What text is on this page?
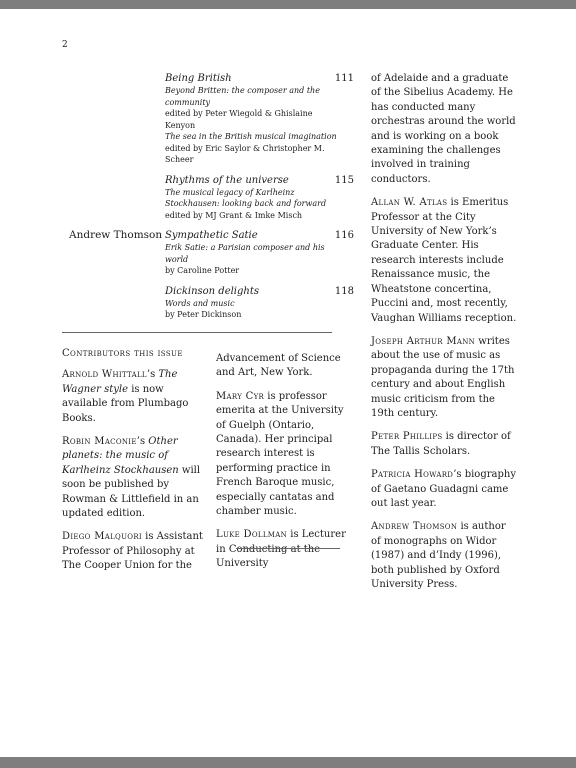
2
Being British	111
Beyond Britten: the composer and the community
edited by Peter Wiegold & Ghislaine Kenyon
The sea in the British musical imagination
edited by Eric Saylor & Christopher M. Scheer
Rhythms of the universe	115
The musical legacy of Karlheinz Stockhausen: looking back and forward
edited by MJ Grant & Imke Misch
Andrew Thomson Sympathetic Satie	116
Erik Satie: a Parisian composer and his world
by Caroline Potter
Dickinson delights	118
Words and music
by Peter Dickinson
Contributors this issue

Arnold Whittall’s The Wagner style is now available from Plumbago Books.

Robin Maconie’s Other planets: the music of Karlheinz Stockhausen will soon be published by Rowman & Littlefield in an updated edition.

Diego Malquori is Assistant Professor of Philosophy at The Cooper Union for the

Advancement of Science and Art, New York.

Mary Cyr is professor emerita at the University of Guelph (Ontario, Canada). Her principal research interest is performing practice in French Baroque music, especially cantatas and chamber music.

Luke Dollman is Lecturer in Conducting at the University

of Adelaide and a graduate of the Sibelius Academy. He has conducted many orchestras around the world and is working on a book examining the challenges involved in training conductors.

Allan W. Atlas is Emeritus Professor at the City University of New York’s Graduate Center. His research interests include Renaissance music, the Wheatstone concertina, Puccini and, most recently, Vaughan Williams reception.

Joseph Arthur Mann writes about the use of music as propaganda during the 17th century and about English music criticism from the 19th century.

Peter Phillips is director of The Tallis Scholars.

Patricia Howard’s biography of Gaetano Guadagni came out last year.

Andrew Thomson is author of monographs on Widor (1987) and d’Indy (1996), both published by Oxford University Press.
